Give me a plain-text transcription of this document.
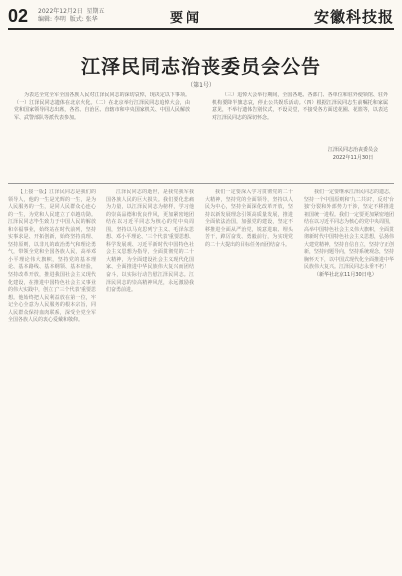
02 2022年12月2日  星期五
编辑: 李明  版式: 张华	要闻	安徽科技报
江泽民同志治丧委员会公告
（第1号）

为表达全党全军全国各族人民对江泽民同志的深切哀悼，现决定以下事项。（一）江泽民同志遗体在北京火化。（二）在北京举行江泽民同志追悼大会，由党和国家领导同志出席，各省、自治区、直辖市和中央国家机关、中国人民解放军、武警部队等派代表参加。

（三）追悼大会举行期间，全国各地、各部门、各单位和驻外使领馆、驻外机构要降半旗志哀，停止公共娱乐活动。（四）根据江泽民同志生前嘱托和家属意见，不举行遗体告别仪式，不设灵堂，不接受各方面送花圈、花篮等，以表达对江泽民同志的深切怀念。

江泽民同志治丧委员会
2022年11月30日

【上接一版】江泽民同志是我们的领导人，他的一生是光辉的一生，是为人民服务的一生，是同人民群众心连心的一生，为党和人民建立了卓越功勋。江泽民同志毕生致力于中国人民的解放和幸福事业，始终站在时代前列，坚持实事求是、开拓创新，始终坚持真理、坚持原则，以非凡的政治勇气和理论勇气，带领全党和全国各族人民，高举邓小平理论伟大旗帜，坚持党的基本理论、基本路线、基本纲领、基本经验，坚持改革开放，推进我国社会主义现代化建设，在推进中国特色社会主义事业的伟大实践中，创立了'三个代表'重要思想。他始终把人民利益放在第一位，牢记全心全意为人民服务的根本宗旨，同人民群众保持血肉联系，深受全党全军全国各族人民的衷心爱戴和敬仰。

江泽民同志的逝世，是我党我军我国各族人民的巨大损失。我们要化悲痛为力量，以江泽民同志为榜样，学习他的崇高品德和优良作风，更加紧密地团结在以习近平同志为核心的党中央周围，坚持以马克思列宁主义、毛泽东思想、邓小平理论、'三个代表'重要思想、科学发展观、习近平新时代中国特色社会主义思想为指导，全面贯彻党的二十大精神，为全面建设社会主义现代化国家、全面推进中华民族伟大复兴而团结奋斗，以实际行动告慰江泽民同志。江泽民同志的崇高精神风范，永远激励我们奋勇前进。

我们一定要深入学习贯彻党的二十大精神，坚持党的全面领导，坚持以人民为中心，坚持全面深化改革开放，坚持以新发展理念引领高质量发展，推进全面依法治国，加强党的建设，坚定不移推进全面从严治党，锐意进取、埋头苦干，踔厉奋发、勇毅前行，为实现党的二十大提出的目标任务而团结奋斗。

我们一定要继承江泽民同志的遗志，坚持一个中国原则和'九二共识'，反对'台独'分裂和外部势力干涉，坚定不移推进祖国统一进程。我们一定要更加紧密地团结在以习近平同志为核心的党中央周围，高举中国特色社会主义伟大旗帜，全面贯彻新时代中国特色社会主义思想，弘扬伟大建党精神，坚持自信自立，坚持守正创新，坚持问题导向，坚持系统观念，坚持胸怀天下，以中国式现代化全面推进中华民族伟大复兴。江泽民同志永垂不朽！

（新华社北京11月30日电）
